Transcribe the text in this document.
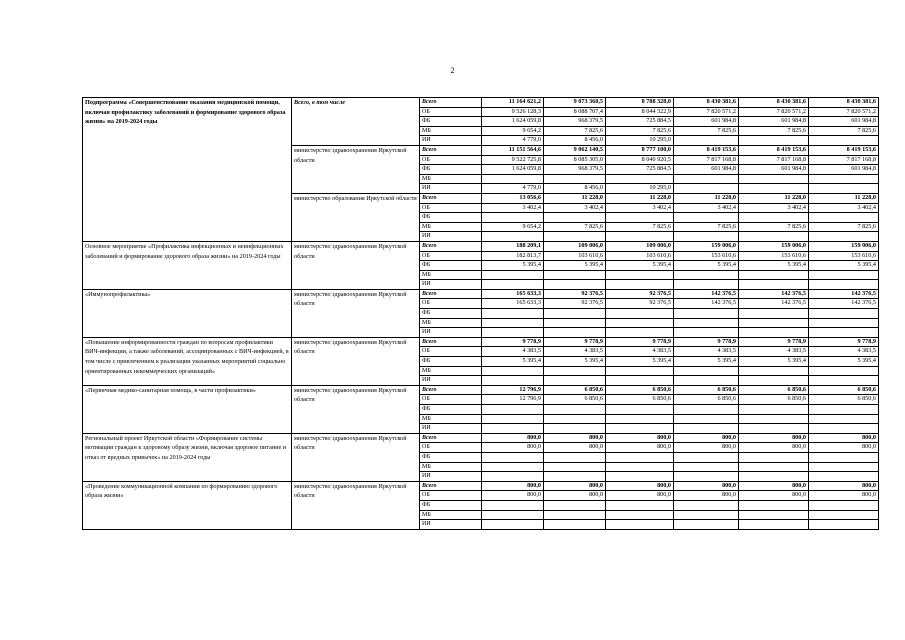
2
Подпрограмма «Совершенствование оказания медицинской помощи, включая профилактику заболеваний и формирование здорового образа жизни» на 2019-2024 годы	Всего, в том числе	Всего	11 164 621,2	9 073 368,5	8 788 328,0	8 430 381,6	8 430 381,6	8 430 381,6
		ОБ	9 526 128,3	8 088 707,4	8 044 322,9	7 820 571,2	7 820 571,2	7 820 571,2
		ФБ	1 624 059,8	968 379,5	725 884,5	601 984,8	601 984,8	601 984,8
		МБ	9 654,2	7 825,6	7 825,6	7 825,6	7 825,6	7 825,6
		ИИ	4 779,0	8 456,0	10 295,0			
	министерство здравоохранения Иркутской области	Всего	11 151 564,6	9 062 140,5	8 777 100,0	8 419 153,6	8 419 153,6	8 419 153,6
		ОБ	9 522 725,8	8 085 305,0	8 040 920,5	7 817 168,8	7 817 168,8	7 817 168,8
		ФБ	1 624 059,8	968 379,5	725 884,5	601 984,8	601 984,8	601 984,8
		МБ						
		ИИ	4 779,0	8 456,0	10 295,0			
	министерство образования Иркутской области	Всего	13 056,6	11 228,0	11 228,0	11 228,0	11 228,0	11 228,0
		ОБ	3 402,4	3 402,4	3 402,4	3 402,4	3 402,4	3 402,4
		ФБ						
		МБ	9 654,2	7 825,6	7 825,6	7 825,6	7 825,6	7 825,6
		ИИ						
Основное мероприятие «Профилактика инфекционных и неинфекционных заболеваний и формирование здорового образа жизни» на 2019-2024 годы	министерство здравоохранения Иркутской области	Всего	188 209,1	109 006,0	109 006,0	159 006,0	159 006,0	159 006,0
		ОБ	182 813,7	103 610,6	103 610,6	153 610,6	153 610,6	153 610,6
		ФБ	5 395,4	5 395,4	5 395,4	5 395,4	5 395,4	5 395,4
		МБ						
		ИИ						
«Иммунопрофилактика»	министерство здравоохранения Иркутской области	Всего	165 633,3	92 376,5	92 376,5	142 376,5	142 376,5	142 376,5
		ОБ	165 633,3	92 376,5	92 376,5	142 376,5	142 376,5	142 376,5
		ФБ						
		МБ						
		ИИ						
«Повышение информированности граждан по вопросам профилактики ВИЧ-инфекции, а также заболеваний, ассоциированных с ВИЧ-инфекцией, в том числе с привлечением к реализации указанных мероприятий социально ориентированных некоммерческих организаций»	министерство здравоохранения Иркутской области	Всего	9 778,9	9 778,9	9 778,9	9 778,9	9 778,9	9 778,9
		ОБ	4 383,5	4 383,5	4 383,5	4 383,5	4 383,5	4 383,5
		ФБ	5 395,4	5 395,4	5 395,4	5 395,4	5 395,4	5 395,4
		МБ						
		ИИ						
«Первичная медико-санитарная помощь, в части профилактики»	министерство здравоохранения Иркутской области	Всего	12 796,9	6 850,6	6 850,6	6 850,6	6 850,6	6 850,6
		ОБ	12 796,9	6 850,6	6 850,6	6 850,6	6 850,6	6 850,6
		ФБ						
		МБ						
		ИИ						
Региональный проект Иркутской области «Формирование системы мотивации граждан к здоровому образу жизни, включая здоровое питание и отказ от вредных привычек» на 2019-2024 годы	министерство здравоохранения Иркутской области	Всего	800,0	800,0	800,0	800,0	800,0	800,0
		ОБ	800,0	800,0	800,0	800,0	800,0	800,0
		ФБ						
		МБ						
		ИИ						
«Проведение коммуникационной компании по формированию здорового образа жизни»	министерство здравоохранения Иркутской области	Всего	800,0	800,0	800,0	800,0	800,0	800,0
		ОБ	800,0	800,0	800,0	800,0	800,0	800,0
		ФБ						
		МБ						
		ИИ						
